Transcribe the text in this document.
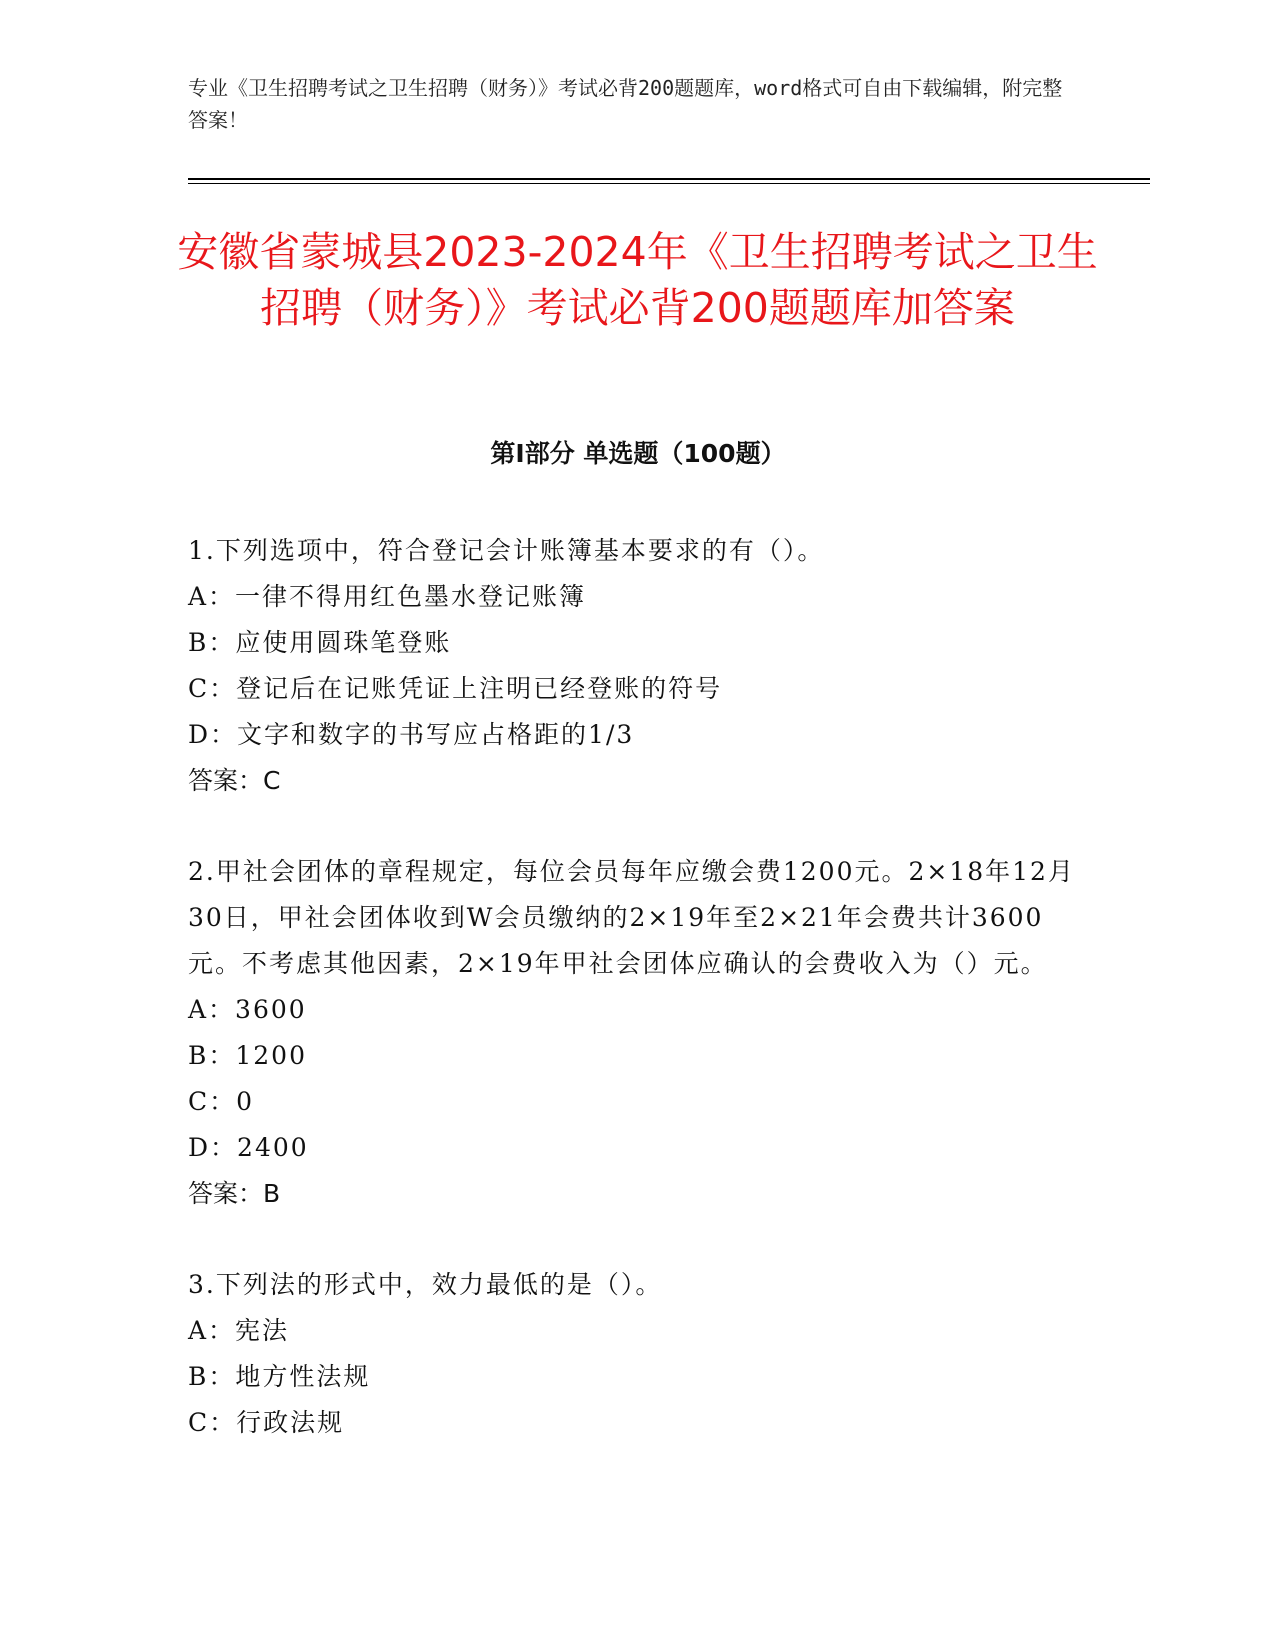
专业《卫生招聘考试之卫生招聘（财务）》考试必背200题题库，word格式可自由下载编辑，附完整答案！
安徽省蒙城县2023-2024年《卫生招聘考试之卫生招聘（财务）》考试必背200题题库加答案
第Ⅰ部分 单选题（100题）

1.下列选项中，符合登记会计账簿基本要求的有（）。

A：一律不得用红色墨水登记账簿

B：应使用圆珠笔登账

C：登记后在记账凭证上注明已经登账的符号

D：文字和数字的书写应占格距的1/3

答案：C

2.甲社会团体的章程规定，每位会员每年应缴会费1200元。2×18年12月30日，甲社会团体收到W会员缴纳的2×19年至2×21年会费共计3600元。不考虑其他因素，2×19年甲社会团体应确认的会费收入为（）元。

A：3600

B：1200

C：0

D：2400

答案：B

3.下列法的形式中，效力最低的是（）。

A：宪法

B：地方性法规

C：行政法规
